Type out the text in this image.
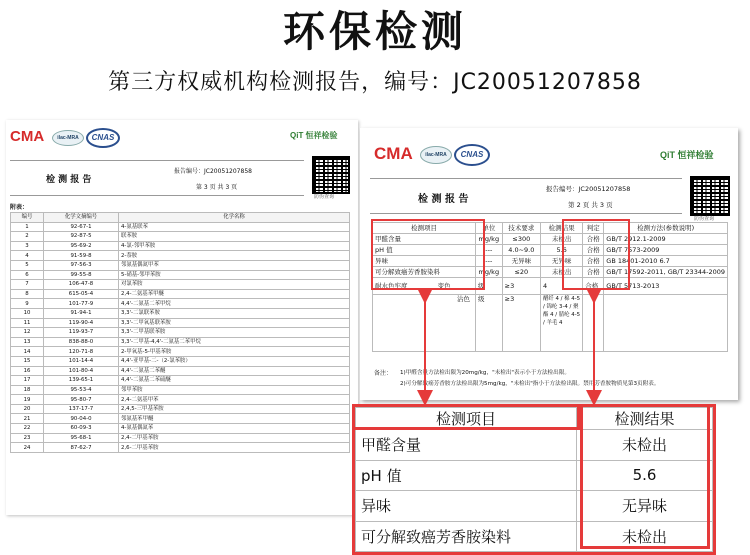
环保检测
第三方权威机构检测报告，编号：JC20051207858
CMA	ilac-MRA	CNAS	QiT 恒祥检验
检 测 报 告
报告编号：JC20051207858
第 3 页 共 3 页
防伪查询
附表：
编号	化学文摘编号	化学名称
1	92-67-1	4-氨基联苯
2	92-87-5	联苯胺
3	95-69-2	4-氯-邻甲苯胺
4	91-59-8	2-萘胺
5	97-56-3	邻氨基偶氮甲苯
6	99-55-8	5-硝基-邻甲苯胺
7	106-47-8	对氯苯胺
8	615-05-4	2,4-二氨基苯甲醚
9	101-77-9	4,4'-二氨基二苯甲烷
10	91-94-1	3,3'-二氯联苯胺
11	119-90-4	3,3'-二甲氧基联苯胺
12	119-93-7	3,3'-二甲基联苯胺
13	838-88-0	3,3'-二甲基-4,4'-二氨基二苯甲烷
14	120-71-8	2-甲氧基-5-甲基苯胺
15	101-14-4	4,4'-亚甲基-二-（2-氯苯胺）
16	101-80-4	4,4'-二氨基二苯醚
17	139-65-1	4,4'-二氨基二苯硫醚
18	95-53-4	邻甲苯胺
19	95-80-7	2,4-二氨基甲苯
20	137-17-7	2,4,5-三甲基苯胺
21	90-04-0	邻氨基苯甲醚
22	60-09-3	4-氨基偶氮苯
23	95-68-1	2,4-二甲基苯胺
24	87-62-7	2,6-二甲基苯胺
CMA	ilac-MRA	CNAS	QiT 恒祥检验
检 测 报 告
报告编号：JC20051207858
第 2 页 共 3 页
防伪查询
备注： 1)甲醛含量方法检出限为20mg/kg，"未检出"表示小于方法检出限。
2)可分解致癌芳香胺方法检出限为5mg/kg，"未检出"指小于方法检出限。禁用芳香胺物质见第3页附表。
检测项目	单位	技术要求	检测结果	判定	检测方法(参数说明)
甲醛含量	mg/kg	≤300	未检出	合格	GB/T 2912.1-2009
pH 值	---	4.0~9.0	5.6	合格	GB/T 7573-2009
异味	---	无异味	无异味	合格	GB 18401-2010 6.7
可分解致癌芳香胺染料	mg/kg	≤20	未检出	合格	GB/T 17592-2011, GB/T 23344-2009
耐水色牢度 变色	级	≥3	4	合格	GB/T 5713-2013
沾色	级	≥3	醋纤 4 / 棉 4-5 / 锦纶 3-4 / 聚酯 4 / 腈纶 4-5 / 羊毛 4		
检测项目	检测结果
甲醛含量	未检出
pH 值	5.6
异味	无异味
可分解致癌芳香胺染料	未检出
